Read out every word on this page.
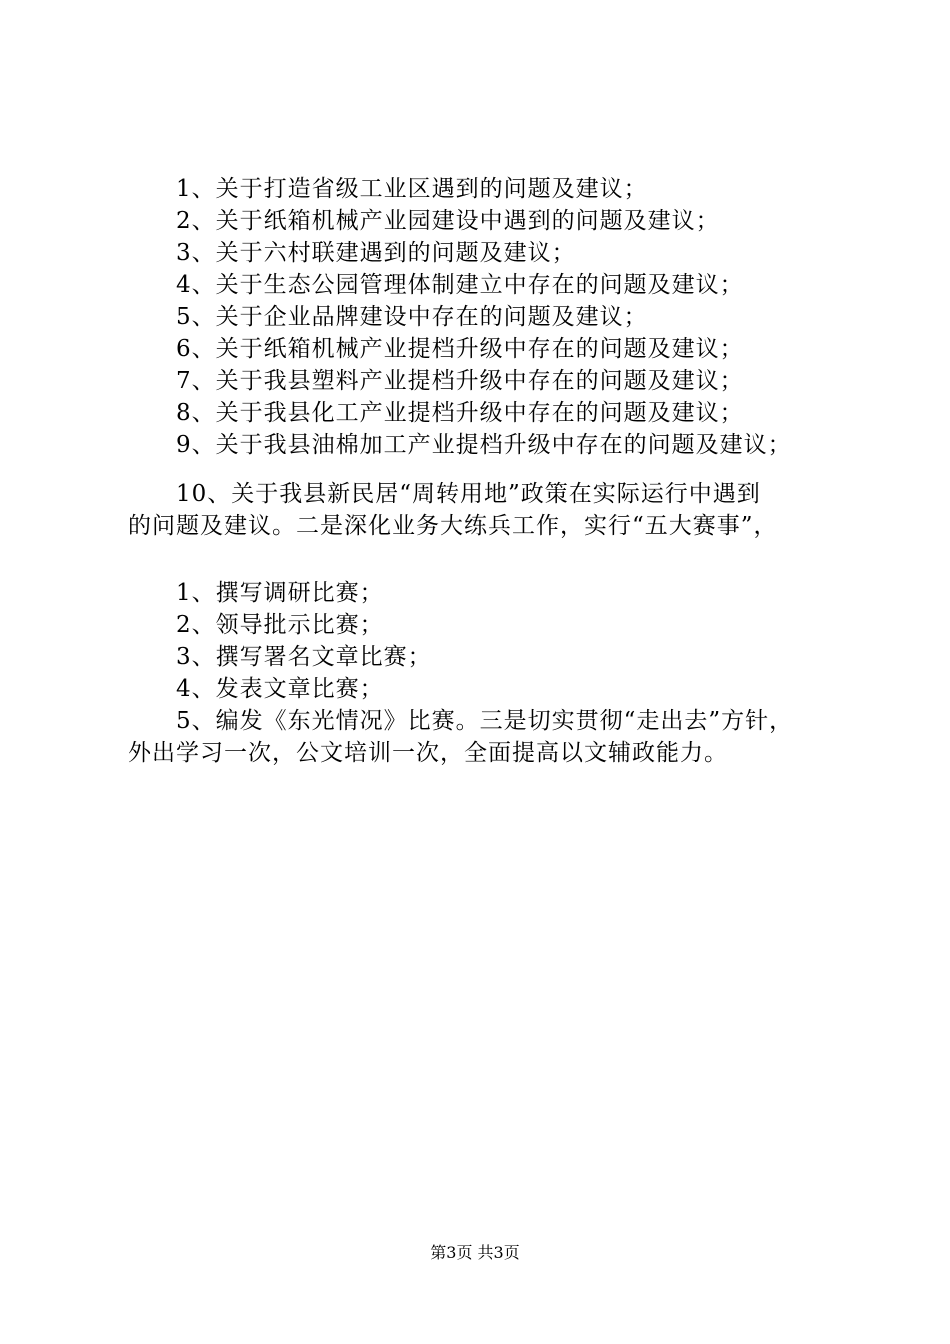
1、关于打造省级工业区遇到的问题及建议；
2、关于纸箱机械产业园建设中遇到的问题及建议；
3、关于六村联建遇到的问题及建议；
4、关于生态公园管理体制建立中存在的问题及建议；
5、关于企业品牌建设中存在的问题及建议；
6、关于纸箱机械产业提档升级中存在的问题及建议；
7、关于我县塑料产业提档升级中存在的问题及建议；
8、关于我县化工产业提档升级中存在的问题及建议；
9、关于我县油棉加工产业提档升级中存在的问题及建议；
10、关于我县新民居“周转用地”政策在实际运行中遇到
的问题及建议。二是深化业务大练兵工作，实行“五大赛事”，
1、撰写调研比赛；
2、领导批示比赛；
3、撰写署名文章比赛；
4、发表文章比赛；
5、编发《东光情况》比赛。三是切实贯彻“走出去”方针，
外出学习一次，公文培训一次，全面提高以文辅政能力。
第3页 共3页
